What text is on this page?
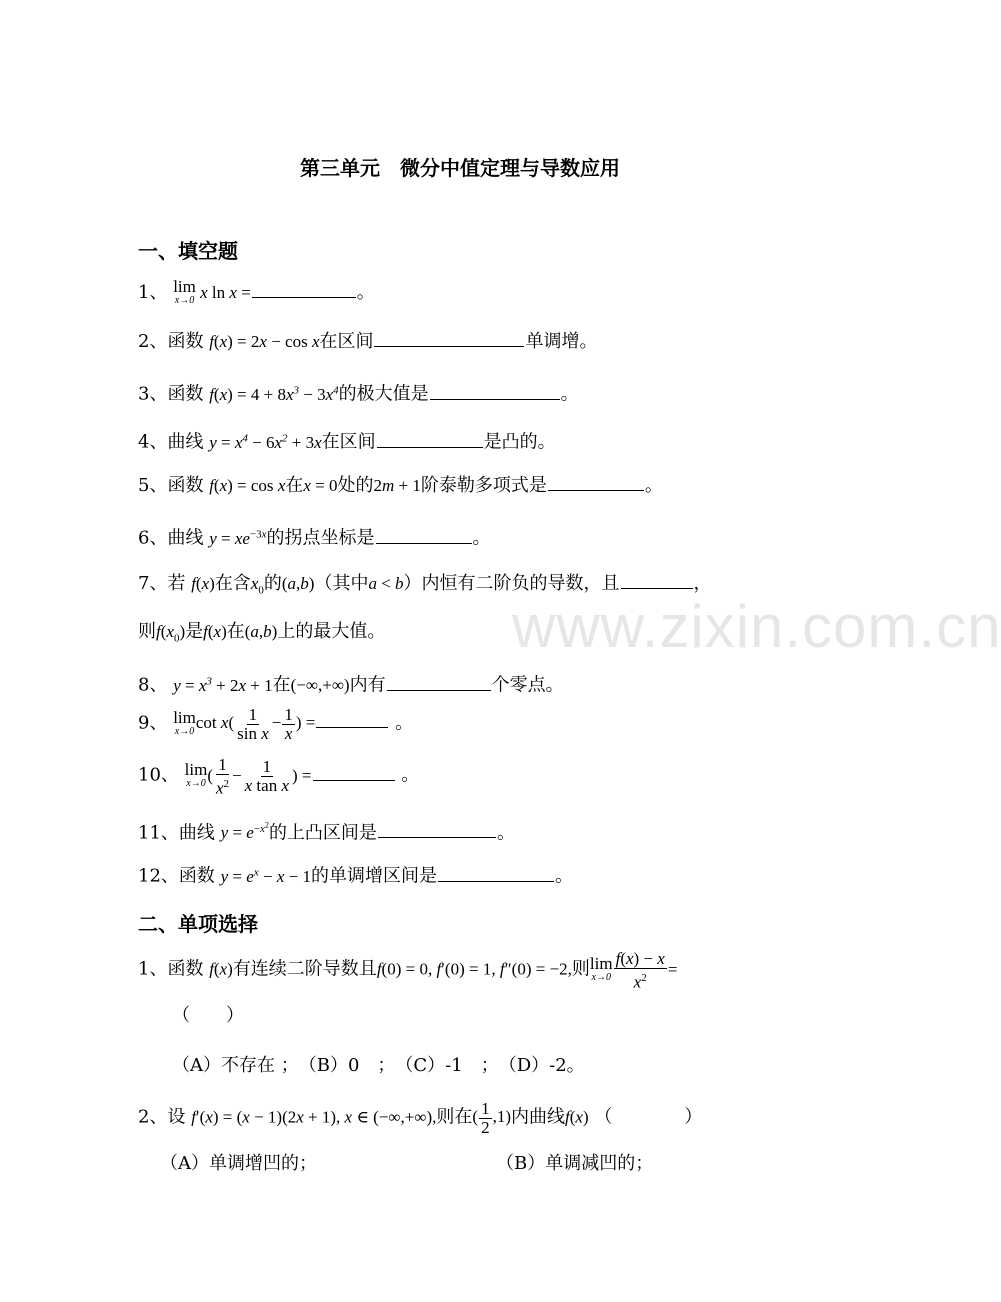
第三单元　微分中值定理与导数应用
一、填空题
1、 lim
x→0 x ln x =	。
2、函数 f(x) = 2x − cos x在区间	单调增。
3、函数 $f(x) = 4 + 8x^3 - 3x^4$的极大值是	。
4、曲线 $y = x^4 - 6x^2 + 3x$在区间	是凸的。
5、函数 f(x) = cos x在x = 0处的2m + 1阶泰勒多项式是	。
6、曲线 $y = xe^{-3x}$的拐点坐标是	。
7、若 f(x)在含$x_0$的(a,b)（其中a < b）内恒有二阶负的导数，且	，
则$f(x_0)$是f(x)在(a,b)上的最大值。
8、 $y = x^3 + 2x + 1$在(−∞,+∞)内有	个零点。
9、 lim
x→0 $\cot x( \frac{1}{\text{sin x}} - \frac{1}{x}$ ) =	。
10、 lim
x→0 ( $\frac{1}{x^2} - \frac{1}{\text{x tan x}}$ ) =	。
11、曲线 $y = e^{-x^2}$的上凸区间是	。
12、函数 $y = e^x - x - 1$的单调增区间是	。
二、单项选择
1、函数 f(x)有连续二阶导数且f(0) = 0, f′(0) = 1, f″(0) = −2,则 lim
$x\to 0 \frac{f(x) - x}{x^2}$ =
（　　）
（A）不存在 ；　（B）0　；　（C）-1　；　（D）-2。
2、设 f′(x) = (x − 1)(2x + 1), x ∈ (−∞,+∞),则在( $\frac{1}{2} ,1$)内曲线f(x) （　　　　）
（A）单调增凹的；	（B）单调减凹的；
www.zixin.com.cn
